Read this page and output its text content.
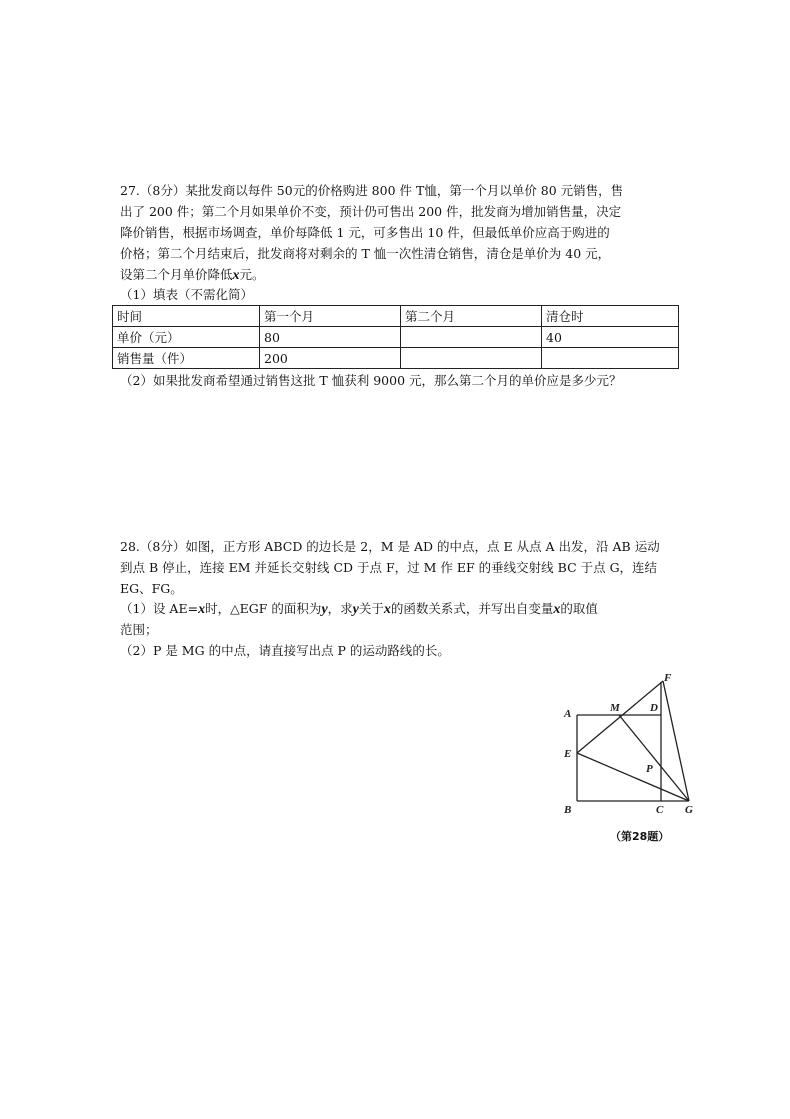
27.（8分）某批发商以每件 50元的价格购进 800 件 T恤，第一个月以单价 80 元销售，售
出了 200 件；第二个月如果单价不变，预计仍可售出 200 件，批发商为增加销售量，决定
降价销售，根据市场调查，单价每降低 1 元，可多售出 10 件，但最低单价应高于购进的
价格；第二个月结束后，批发商将对剩余的 T 恤一次性清仓销售，清仓是单价为 40 元，
设第二个月单价降低x元。
（1）填表（不需化简）
时间	第一个月	第二个月	清仓时
单价（元）	80		40
销售量（件）	200		
（2）如果批发商希望通过销售这批 T 恤获利 9000 元，那么第二个月的单价应是多少元？
28.（8分）如图，正方形 ABCD 的边长是 2，M 是 AD 的中点，点 E 从点 A 出发，沿 AB 运动
到点 B 停止，连接 EM 并延长交射线 CD 于点 F，过 M 作 EF 的垂线交射线 BC 于点 G，连结
EG、FG。
（1）设 AE=x时，△EGF 的面积为y，求y关于x的函数关系式，并写出自变量x的取值
范围；
（2）P 是 MG 的中点，请直接写出点 P 的运动路线的长。
A	M	D
F
E
P
B	C G
（第28题）
